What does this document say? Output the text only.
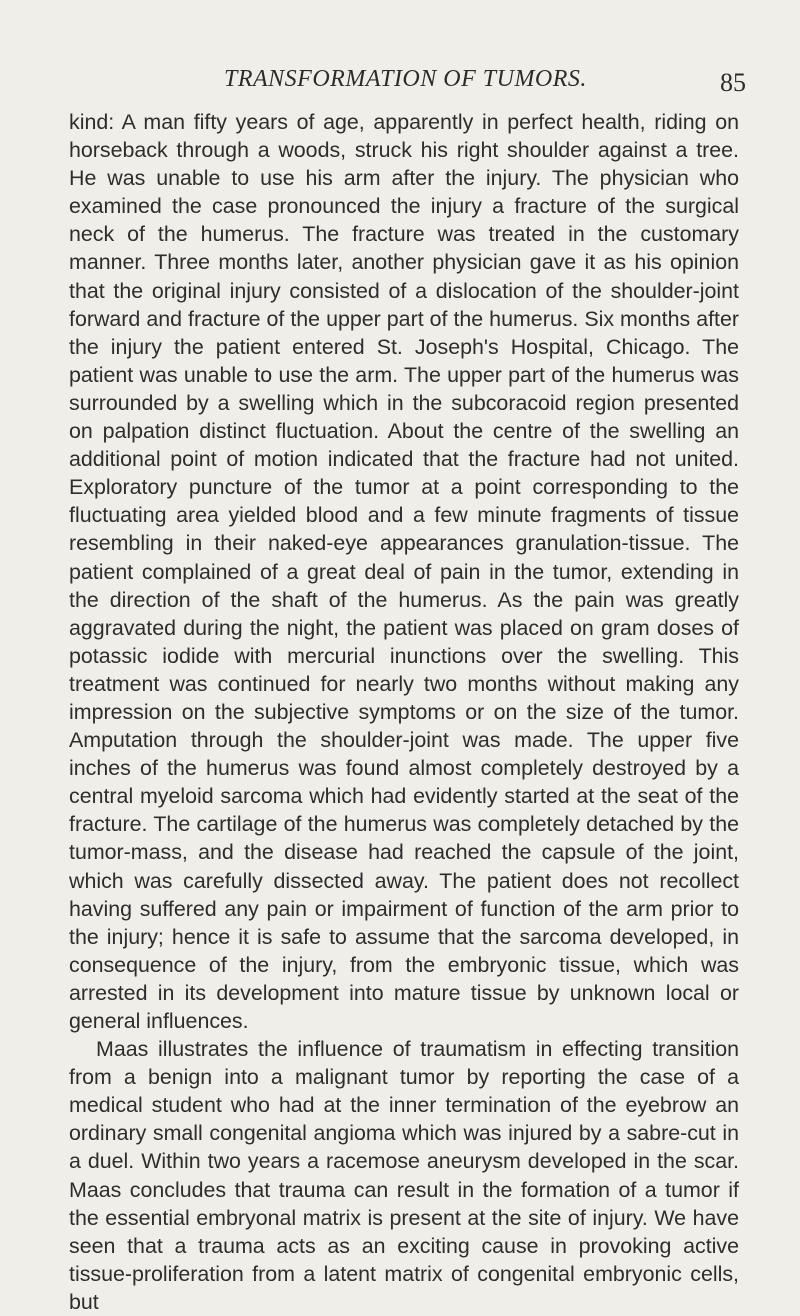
TRANSFORMATION OF TUMORS.	85

kind: A man fifty years of age, apparently in perfect health, riding on horseback through a woods, struck his right shoulder against a tree. He was unable to use his arm after the injury. The physician who examined the case pronounced the injury a fracture of the surgical neck of the humerus. The fracture was treated in the customary manner. Three months later, another physician gave it as his opinion that the original injury consisted of a dislocation of the shoulder-joint forward and fracture of the upper part of the humerus. Six months after the injury the patient entered St. Joseph's Hospital, Chicago. The patient was unable to use the arm. The upper part of the humerus was surrounded by a swelling which in the subcoracoid region presented on palpation distinct fluctuation. About the centre of the swelling an additional point of motion indicated that the fracture had not united. Exploratory puncture of the tumor at a point corresponding to the fluctuating area yielded blood and a few minute fragments of tissue resembling in their naked-eye appearances granulation-tissue. The patient complained of a great deal of pain in the tumor, extending in the direction of the shaft of the humerus. As the pain was greatly aggravated during the night, the patient was placed on gram doses of potassic iodide with mercurial inunctions over the swelling. This treatment was continued for nearly two months without making any impression on the subjective symptoms or on the size of the tumor. Amputation through the shoulder-joint was made. The upper five inches of the humerus was found almost completely destroyed by a central myeloid sarcoma which had evidently started at the seat of the fracture. The cartilage of the humerus was completely detached by the tumor-mass, and the disease had reached the capsule of the joint, which was carefully dissected away. The patient does not recollect having suffered any pain or impairment of function of the arm prior to the injury; hence it is safe to assume that the sarcoma developed, in consequence of the injury, from the embryonic tissue, which was arrested in its development into mature tissue by unknown local or general influences.

Maas illustrates the influence of traumatism in effecting transition from a benign into a malignant tumor by reporting the case of a medical student who had at the inner termination of the eyebrow an ordinary small congenital angioma which was injured by a sabre-cut in a duel. Within two years a racemose aneurysm developed in the scar. Maas concludes that trauma can result in the formation of a tumor if the essential embryonal matrix is present at the site of injury. We have seen that a trauma acts as an exciting cause in provoking active tissue-proliferation from a latent matrix of congenital embryonic cells, but
